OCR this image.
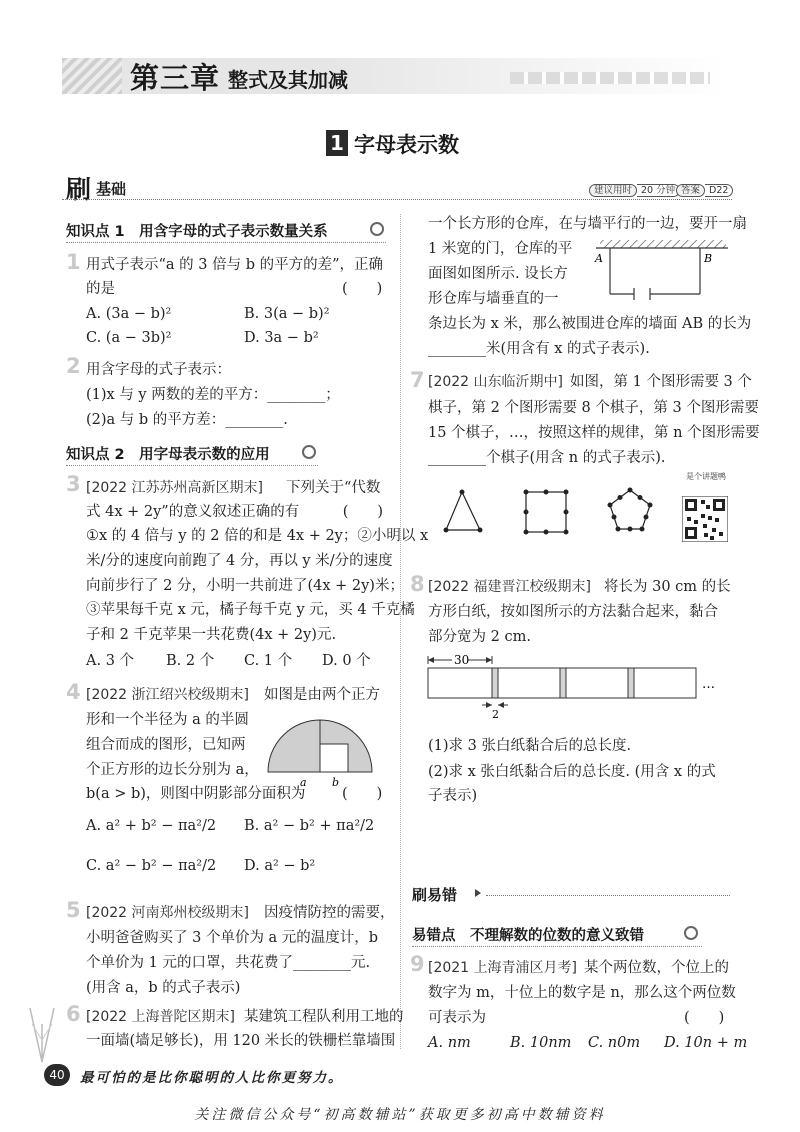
第三章 整式及其加减
1 字母表示数
刷 基础	建议用时 20 分钟 答案 D22
知识点 1　用含字母的式子表示数量关系
1 用式子表示“a 的 3 倍与 b 的平方的差”，正确
的是	(　　)
A. (3a − b)²	B. 3(a − b)²
C. (a − 3b)²	D. 3a − b²
2 用含字母的式子表示：
(1)x 与 y 两数的差的平方：________；
(2)a 与 b 的平方差：________.
知识点 2　用字母表示数的应用
3 [2022 江苏苏州高新区期末] 下列关于“代数
式 4x + 2y”的意义叙述正确的有　　　(　　)
①x 的 4 倍与 y 的 2 倍的和是 4x + 2y；②小明以 x
米/分的速度向前跑了 4 分，再以 y 米/分的速度
向前步行了 2 分，小明一共前进了(4x + 2y)米；
③苹果每千克 x 元，橘子每千克 y 元，买 4 千克橘
子和 2 千克苹果一共花费(4x + 2y)元.
A. 3 个 B. 2 个 C. 1 个 D. 0 个
4 [2022 浙江绍兴校级期末] 如图是由两个正方
形和一个半径为 a 的半圆
组合而成的图形，已知两
个正方形的边长分别为 a，
b(a > b)，则图中阴影部分面积为	(　　)
a b
A. a² + b² − πa²/2 B. a² − b² + πa²/2
C. a² − b² − πa²/2 D. a² − b²
5 [2022 河南郑州校级期末] 因疫情防控的需要，
小明爸爸购买了 3 个单价为 a 元的温度计，b
个单价为 1 元的口罩，共花费了________元.
(用含 a，b 的式子表示)
6 [2022 上海普陀区期末] 某建筑工程队利用工地的
一面墙(墙足够长)，用 120 米长的铁栅栏靠墙围
一个长方形的仓库，在与墙平行的一边，要开一扇
1 米宽的门，仓库的平
面图如图所示. 设长方
形仓库与墙垂直的一
条边长为 x 米，那么被围进仓库的墙面 AB 的长为
________米(用含有 x 的式子表示).
A	B
7 [2022 山东临沂期中] 如图，第 1 个图形需要 3 个
棋子，第 2 个图形需要 8 个棋子，第 3 个图形需要
15 个棋子，…，按照这样的规律，第 n 个图形需要
________个棋子(用含 n 的式子表示).
是个讲题鸭
8 [2022 福建晋江校级期末] 将长为 30 cm 的长
方形白纸，按如图所示的方法黏合起来，黏合
部分宽为 2 cm.

30
…
2
(1)求 3 张白纸黏合后的总长度.
(2)求 x 张白纸黏合后的总长度. (用含 x 的式
子表示)
刷易错
易错点　不理解数的位数的意义致错
9 [2021 上海青浦区月考] 某个两位数，个位上的
数字为 m，十位上的数字是 n，那么这个两位数
可表示为	(　　)
A. nm	B. 10nm C. n0m D. 10n + m
40	最可怕的是比你聪明的人比你更努力。
关注微信公众号“初高数辅站”获取更多初高中数辅资料
